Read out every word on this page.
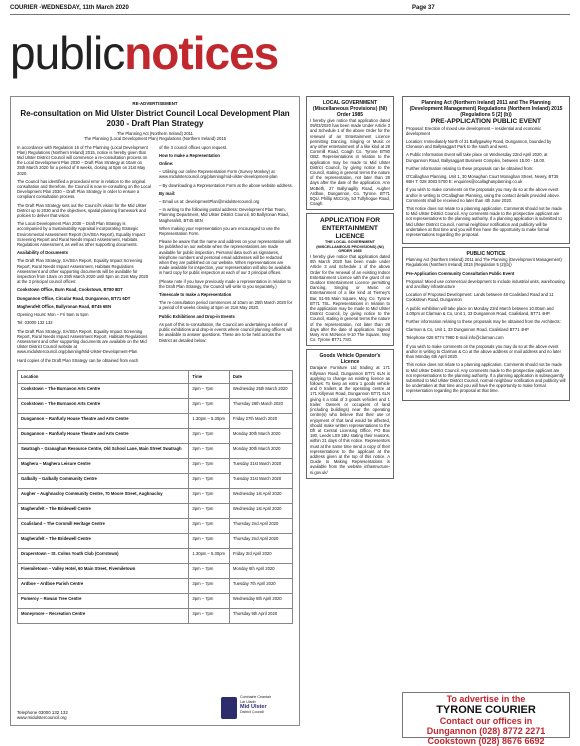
COURIER -WEDNESDAY, 11th March 2020	Page 37
publicnotices
RE-ADVERTISEMENT
Re-consultation on Mid Ulster District Council Local Development Plan 2030 - Draft Plan Strategy
The Planning Act (Northern Ireland) 2011
The Planning (Local Development Plan) Regulations (Northern Ireland) 2015

In accordance with Regulation 15 of The Planning (Local Development Plan) Regulations (Northern Ireland) 2015, notice is hereby given that Mid Ulster District Council will commence a re-consultation process on the Local Development Plan 2030 – Draft Plan Strategy at 10am on 25th March 2020 for a period of 8 weeks, closing at 5pm on 21st May 2020.

The Council has identified a procedural error in relation to the original consultation and therefore, the Council is now re-consulting on the Local Development Plan 2030 – Draft Plan Strategy in order to ensure a compliant consultation process.

The Draft Plan Strategy sets out the Council's vision for the Mid Ulster District up to 2030 and the objectives, spatial planning framework and policies to deliver that vision.

The Local Development Plan 2030 – Draft Plan Strategy is accompanied by a Sustainability Appraisal incorporating Strategic Environmental Assessment Report (SA/SEA Report), Equality Impact Screening Report and Rural Needs Impact Assessment, Habitats Regulations Assessment, as well as other supporting documents.

Availability of Documents

The Draft Plan Strategy, SA/SEA Report, Equality Impact Screening Report, Rural Needs Impact Assessment, Habitats Regulations Assessment and other supporting documents will be available for inspection from 10am on 25th March 2020 until 5pm on 21st May 2020 at the 3 principal council offices:

Cookstown Office, Burn Road, Cookstown, BT80 8DT

Dungannon Office, Circular Road, Dungannon, BT71 6DT

Magherafelt Office, Ballyronan Road, BT45 6EN

Opening Hours: Mon – Fri 9am to 5pm

Tel: 03000 132 132

The Draft Plan Strategy, SA/SEA Report, Equality Impact Screening Report, Rural Needs Impact Assessment Report, Habitats Regulations Assessment and other supporting documents are available on the Mid Ulster District Council website at www.midulstercouncil.org/planning/Mid-Ulster-Development-Plan

Hard copies of the Draft Plan Strategy can be obtained from each

of the 3 council offices upon request.

How to make a Representation

Online:

– Utilising our online Representation Form (Survey Monkey) at www.midulstercouncil.org/planning/mid-ulster-development-plan

– By downloading a Representation Form at the above website address.

By mail:

– Email us at: developmentPlan@midulstercouncil.org

– In writing to the following postal address: Development Plan Team, Planning Department, Mid Ulster District Council, 50 Ballyronan Road, Magherafelt, BT45 6EN

When making your representation you are encouraged to use the Representation Form.

Please be aware that the name and address on your representation will be published on our website when the representations are made available for public inspection. Personal data such as signatures, telephone numbers and personal email addresses will be redacted when they are published on our website. When representations are made available for inspection, your representation will also be available in hard copy for public inspection at each of our 3 principal offices.

(Please note if you have previously made a representation in relation to the Draft Plan Strategy, the Council will write to you separately.)

Timescale to make a Representation

The re-consultation period commences at 10am on 25th March 2020 for a period of 8 weeks closing at 5pm on 21st May 2020.

Public Exhibitions and Drop-in Events

As part of this re-consultation, the Council are undertaking a series of public exhibitions and drop-in events where council planning officers will be available to answer questions. These are to be held across the District as detailed below:

Location	Time	Date
Cookstown – The Burnavon Arts Centre	3pm – 7pm	Wednesday 25th March 2020
Cookstown – The Burnavon Arts Centre	3pm – 7pm	Thursday 26th March 2020
Dungannon – Ranfurly House Theatre and Arts Centre	1.30pm – 5.30pm	Friday 27th March 2020
Dungannon – Ranfurly House Theatre and Arts Centre	3pm – 7pm	Monday 30th March 2020
Swatragh – Granaghan Resource Centre, Old School Lane, Main Street Swatragh	3pm – 7pm	Monday 30th March 2020
Maghera – Maghera Leisure Centre	3pm – 7pm	Tuesday 31st March 2020
Galbally – Galbally Community Centre	3pm – 7pm	Tuesday 31st March 2020
Augher – Aughnacloy Community Centre, 70 Moore Street, Aughnacloy	3pm – 7pm	Wednesday 1st April 2020
Magherafelt – The Bridewell Centre	3pm – 7pm	Wednesday 1st April 2020
Coalisland – The Cornmill Heritage Centre	3pm – 7pm	Thursday 2nd April 2020
Magherafelt – The Bridewell Centre	3pm – 7pm	Thursday 2nd April 2020
Draperstown – St. Colms Youth Club (Corrstown)	1.30pm – 5.30pm	Friday 3rd April 2020
Fivemiletown – Valley Hotel, 60 Main Street, Fivemiletown	3pm – 7pm	Monday 6th April 2020
Ardboe – Ardboe Parish Centre	3pm – 7pm	Tuesday 7th April 2020
Pomeroy – Rowan Tree Centre	3pm – 7pm	Wednesday 8th April 2020
Moneymore – Recreation Centre	3pm – 7pm	Thursday 9th April 2020
Telephone 03000 132 132
www.midulstercouncil.org
Comhairle Ceantair
Lár Uladh
Mid Ulster
District Council
LOCAL GOVERNMENT (Miscellaneous Provisions) (NI) Order 1985
I hereby give notice that application dated 09/03/2020 has been made Under Article 3 and Schedule 1 of the above Order for the renewal of an Entertainment Licence permitting Dancing, Singing or Music or any other entertainment of a like kind at 28 Cornmill Road, Coagh Co. Tyrone BT80 OBZ. Representations in relation to the application may be made to Mid Ulster District Council, by giving notice to the Council, stating in general terms the nature of the representation, not later than 28 days after the date of the application. Ann McBeth, 27 Ballynagilly Road, Augher Ardboe, Dungannon, Co. Tyrone. BT71 5QU. Phillip McCrory, 53 Tullyhogue Road, Coagh.
APPLICATION FOR ENTERTAINMENT LICENCE
THE LOCAL GOVERNMENT (MISCELLANEOUS PROVISIONS) (NI) ORDER 1985
I hereby give notice that application dated 6th March 2020 has been made under Article 3 and Schedule 1 of the above Order for the renewal of an existing Indoor Entertainment Licence with the grant of an Outdoor Entertainment Licence permitting Dancing, Singing or Music or Entertainment of a like kind at Tierney's Bar, 51-55 Main Square, Moy, Co. Tyrone BT71 7SL. Representations in relation to the application may be made to Mid Ulster District Council, by giving notice to the Council, stating in general terms the nature of the representation, not later than 28 days after the date of application. Signed Mary Ann McNeice 9-10 The Square, Moy Co. Tyrone BT71 7SG.
Goods Vehicle Operator's Licence
Darajane Furniture Ltd trading at 171 Killyman Road, Dungannon BT71 6LN is applying to change an existing licence as follows: To keep an extra 1 goods vehicle and 0 trailers at the operating centre at 171 Killyman Road, Dungannon BT71 6LN giving it a total of 3 goods vehicles and 1 trailer. Owners or occupiers of land (including buildings) near the operating centre(s) who believe that their use or enjoyment of that land would be affected, should make written representations to the DfI at Central Licensing Office, PO Box 180, Leeds LS9 1BU stating their reasons, within 21 days of this notice. Representors must at the same time send a copy of their representations to the applicant at the address given at the top of this notice. A Guide to Making Representations is available from the website infrastructure-ni.gov.uk/
Planning Act (Northern Ireland) 2011 and The Planning (Development Management) Regulations (Northern Ireland) 2015 (Regulations 5 [2] (b))
PRE-APPLICATION PUBLIC EVENT

Proposal: Erection of mixed use development – residential and economic development

Location: Immediately North of 31 Ballygawley Road, Dungannon, bounded by Clonavon and Ballysaggart Park to the south and west.

A Public Information Event will take place on Wednesday 22nd April 2020, at Dungannon Road, Ballysaggart Business Complex, between 15.00 - 18.00.

Further information relating to these proposals can be obtained from:

O'Callaghan Planning, Unit 1, 30 Monaghan Court Monaghan Street, Newry, BT35 6BH T: 028 3083 5700 E: enquiries@ocallaghanplanning.co.uk

If you wish to make comments on the proposals you may do so at the above event and/or in writing to O'Callaghan Planning, using the contact details provided above. Comments shall be received no later than 4th June 2020.

This notice does not relate to a planning application. Comments should not be made to Mid Ulster District Council. Any comments made to the prospective applicant are not representations to the planning authority. If a planning application is submitted to Mid Ulster District Council, normal neighbour notification and publicity will be undertaken at that time and you will then have the opportunity to make formal representations regarding the proposal.

PUBLIC NOTICE

Planning Act (Northern Ireland) 2011 and The Planning (Development Management) Regulations (Northern Ireland) 2015 (Regulation 5 (2)(b))

Pre-Application Community Consultation Public Event

Proposal: Mixed use commercial development to include industrial units, warehousing and ancillary infrastructure

Location of Proposed Development: Lands between 48 Coalisland Road and 11 Cookstown Road, Dungannon

A public exhibition will take place on Monday 23rd March between 10.00am and 4.00pm at Clarman & Co, Unit 1, 33 Dungannon Road, Coalisland, BT71 4HP.

Further information relating to these proposals may be obtained from the Architects:

Clarman & Co, Unit 1, 33 Dungannon Road, Coalisland BT71 4HP

Telephone 028 8774 7980 E-mail info@clarman.com

If you wish to make comments on the proposals you may do so at the above event and/or in writing to Clarman & Co at the above address or mail address and no later than Monday 6th April 2020.

This notice does not relate to a planning application. Comments should not be made to Mid Ulster District Council. Any comments made to the prospective applicant are not representations to the planning authority. If a planning application is subsequently submitted to Mid Ulster District Council, normal neighbour notification and publicity will be undertaken at that time and you will have the opportunity to make formal representation regarding the proposal at that time.

To advertise in the
TYRONE COURIER
Contact our offices in
Dungannon (028) 8772 2271
Cookstown (028) 8676 6692
